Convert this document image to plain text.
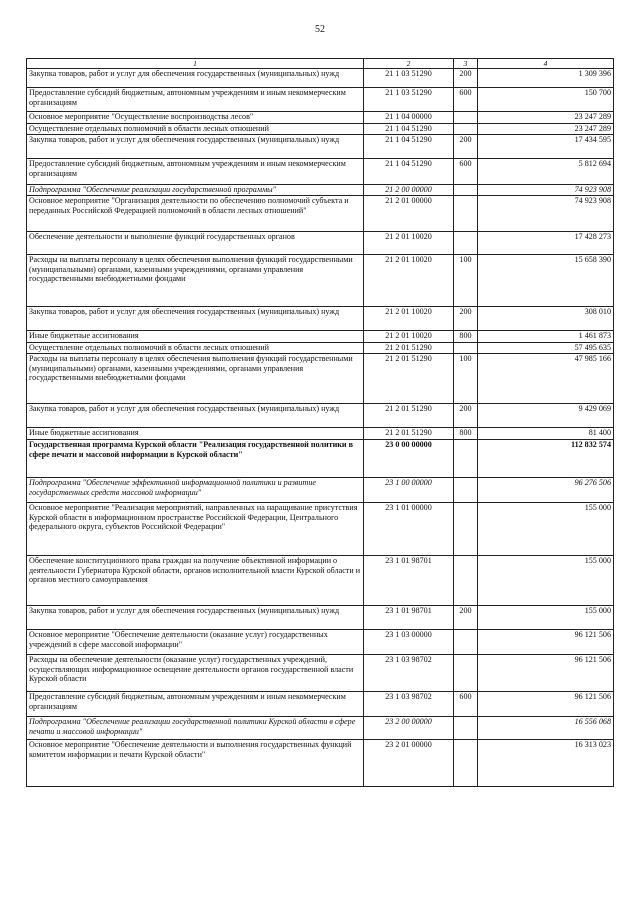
52
1	2	3	4
Закупка товаров, работ и услуг для обеспечения государственных (муниципальных) нужд	21 1 03 51290	200	1 309 396
Предоставление субсидий бюджетным, автономным учреждениям и иным некоммерческим организациям	21 1 03 51290	600	150 700
Основное мероприятие "Осуществление воспроизводства лесов"	21 1 04 00000		23 247 289
Осуществление отдельных полномочий в области лесных отношений	21 1 04 51290		23 247 289
Закупка товаров, работ и услуг для обеспечения государственных (муниципальных) нужд	21 1 04 51290	200	17 434 595
Предоставление субсидий бюджетным, автономным учреждениям и иным некоммерческим организациям	21 1 04 51290	600	5 812 694
Подпрограмма "Обеспечение реализации государственной программы"	21 2 00 00000		74 923 908
Основное мероприятие "Организация деятельности по обеспечению полномочий субъекта и переданных Российской Федерацией полномочий в области лесных отношений"	21 2 01 00000		74 923 908
Обеспечение деятельности и выполнение функций государственных органов	21 2 01 10020		17 428 273
Расходы на выплаты персоналу в целях обеспечения выполнения функций государственными (муниципальными) органами, казенными учреждениями, органами управления государственными внебюджетными фондами	21 2 01 10020	100	15 658 390
Закупка товаров, работ и услуг для обеспечения государственных (муниципальных) нужд	21 2 01 10020	200	308 010
Иные бюджетные ассигнования	21 2 01 10020	800	1 461 873
Осуществление отдельных полномочий в области лесных отношений	21 2 01 51290		57 495 635
Расходы на выплаты персоналу в целях обеспечения выполнения функций государственными (муниципальными) органами, казенными учреждениями, органами управления государственными внебюджетными фондами	21 2 01 51290	100	47 985 166
Закупка товаров, работ и услуг для обеспечения государственных (муниципальных) нужд	21 2 01 51290	200	9 429 069
Иные бюджетные ассигнования	21 2 01 51290	800	81 400
Государственная программа Курской области "Реализация государственной политики в сфере печати и массовой информации в Курской области"	23 0 00 00000		112 832 574
Подпрограмма "Обеспечение эффективной информационной политики и развитие государственных средств массовой информации"	23 1 00 00000		96 276 506
Основное мероприятие "Реализация мероприятий, направленных на наращивание присутствия Курской области в информационном пространстве Российской Федерации, Центрального федерального округа, субъектов Российской Федерации"	23 1 01 00000		155 000
Обеспечение конституционного права граждан на получение объективной информации о деятельности Губернатора Курской области, органов исполнительной власти Курской области и органов местного самоуправления	23 1 01 98701		155 000
Закупка товаров, работ и услуг для обеспечения государственных (муниципальных) нужд	23 1 01 98701	200	155 000
Основное мероприятие "Обеспечение деятельности (оказание услуг) государственных учреждений в сфере массовой информации"	23 1 03 00000		96 121 506
Расходы на обеспечение деятельности (оказание услуг) государственных учреждений, осуществляющих информационное освещение деятельности органов государственной власти Курской области	23 1 03 98702		96 121 506
Предоставление субсидий бюджетным, автономным учреждениям и иным некоммерческим организациям	23 1 03 98702	600	96 121 506
Подпрограмма "Обеспечение реализации государственной политики Курской области в сфере печати и массовой информации"	23 2 00 00000		16 556 068
Основное мероприятие "Обеспечение деятельности и выполнения государственных функций комитетом информации и печати Курской области"	23 2 01 00000		16 313 023
